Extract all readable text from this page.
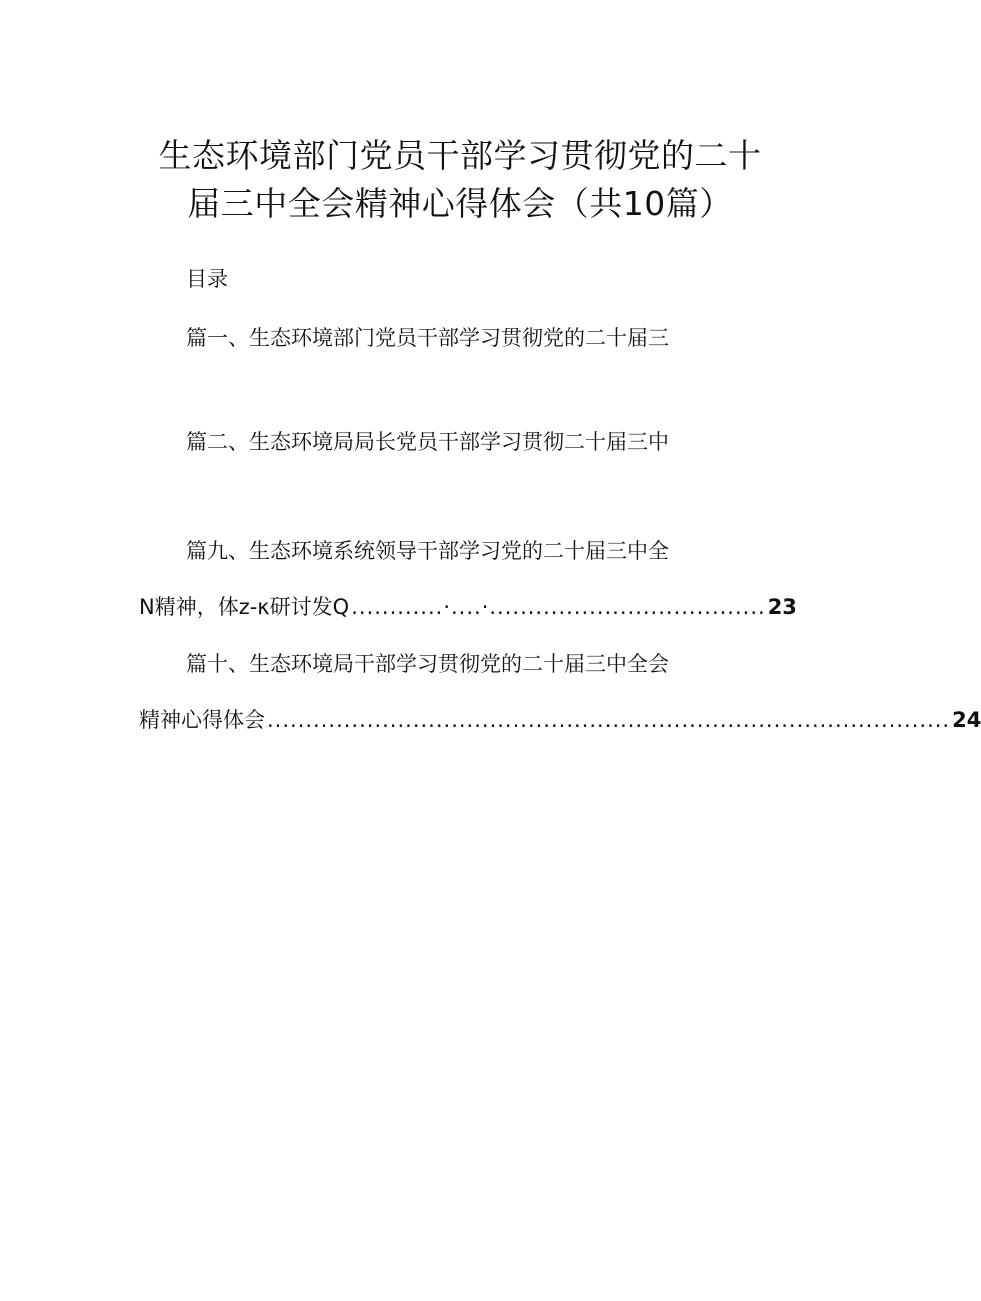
生态环境部门党员干部学习贯彻党的二十
届三中全会精神心得体会（共10篇）
目录
篇一、生态环境部门党员干部学习贯彻党的二十届三
篇二、生态环境局局长党员干部学习贯彻二十届三中
篇九、生态环境系统领导干部学习党的二十届三中全
N精神，体z-κ研讨发Q ............·....·.................................... 23
篇十、生态环境局干部学习贯彻党的二十届三中全会
精神心得体会 ......................................................................................... 24
